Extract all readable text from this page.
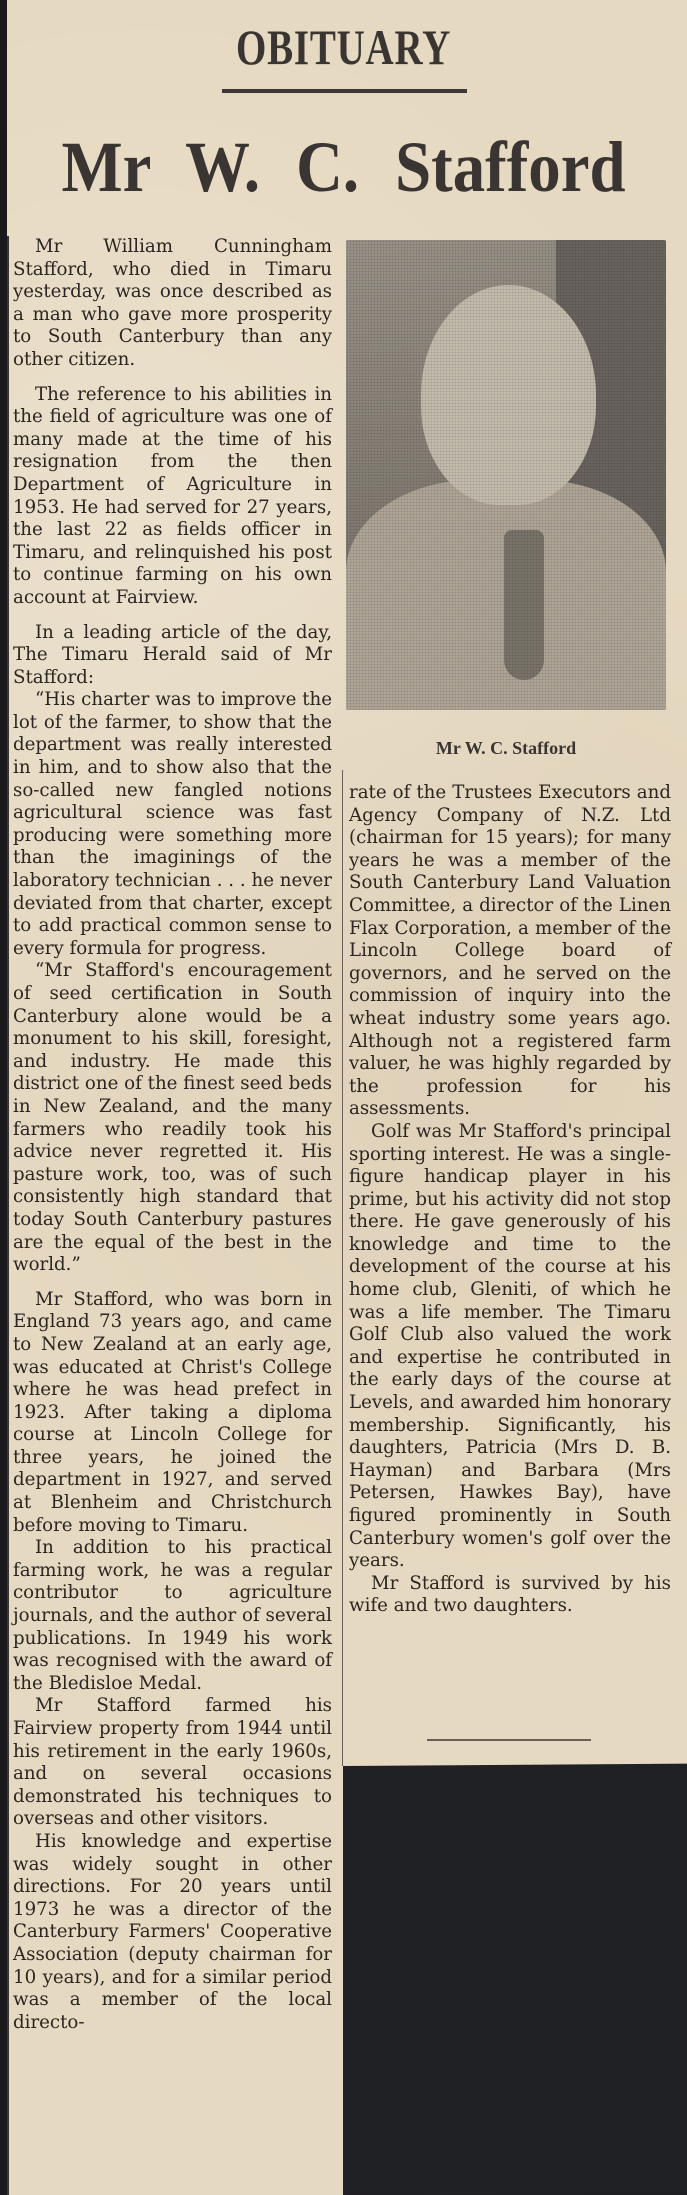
OBITUARY
Mr W. C. Stafford

Mr William Cunningham Stafford, who died in Timaru yesterday, was once described as a man who gave more prosperity to South Canterbury than any other citizen.

The reference to his abilities in the field of agriculture was one of many made at the time of his resignation from the then Department of Agriculture in 1953. He had served for 27 years, the last 22 as fields officer in Timaru, and relinquished his post to continue farming on his own account at Fairview.

In a leading article of the day, The Timaru Herald said of Mr Stafford:

“His charter was to improve the lot of the farmer, to show that the department was really interested in him, and to show also that the so-called new fangled notions agricultural science was fast producing were something more than the imaginings of the laboratory technician . . . he never deviated from that charter, except to add practical common sense to every formula for progress.

“Mr Stafford's encouragement of seed certification in South Canterbury alone would be a monument to his skill, foresight, and industry. He made this district one of the finest seed beds in New Zealand, and the many farmers who readily took his advice never regretted it. His pasture work, too, was of such consistently high standard that today South Canterbury pastures are the equal of the best in the world.”

Mr Stafford, who was born in England 73 years ago, and came to New Zealand at an early age, was educated at Christ's College where he was head prefect in 1923. After taking a diploma course at Lincoln College for three years, he joined the department in 1927, and served at Blenheim and Christchurch before moving to Timaru.

In addition to his practical farming work, he was a regular contributor to agriculture journals, and the author of several publications. In 1949 his work was recognised with the award of the Bledisloe Medal.

Mr Stafford farmed his Fairview property from 1944 until his retirement in the early 1960s, and on several occasions demonstrated his techniques to overseas and other visitors.

His knowledge and expertise was widely sought in other directions. For 20 years until 1973 he was a director of the Canterbury Farmers' Cooperative Association (deputy chairman for 10 years), and for a similar period was a member of the local directo-

Mr W. C. Stafford

rate of the Trustees Executors and Agency Company of N.Z. Ltd (chairman for 15 years); for many years he was a member of the South Canterbury Land Valuation Committee, a director of the Linen Flax Corporation, a member of the Lincoln College board of governors, and he served on the commission of inquiry into the wheat industry some years ago. Although not a registered farm valuer, he was highly regarded by the profession for his assessments.

Golf was Mr Stafford's principal sporting interest. He was a single-figure handicap player in his prime, but his activity did not stop there. He gave generously of his knowledge and time to the development of the course at his home club, Gleniti, of which he was a life member. The Timaru Golf Club also valued the work and expertise he contributed in the early days of the course at Levels, and awarded him honorary membership. Significantly, his daughters, Patricia (Mrs D. B. Hayman) and Barbara (Mrs Petersen, Hawkes Bay), have figured prominently in South Canterbury women's golf over the years.

Mr Stafford is survived by his wife and two daughters.
